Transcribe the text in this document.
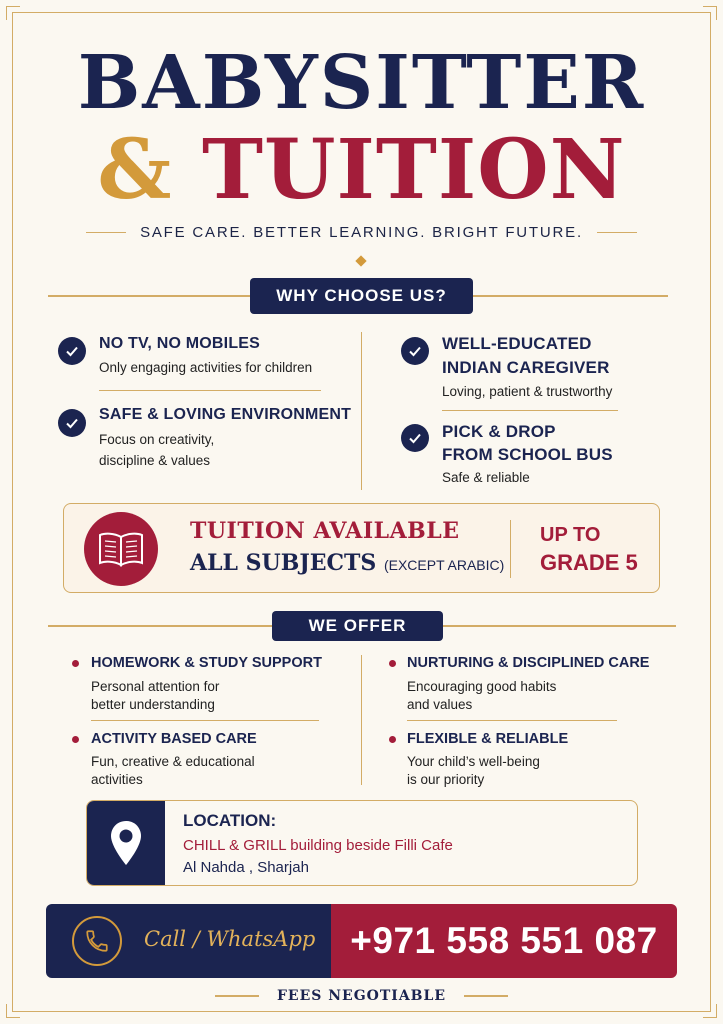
BABYSITTER
& TUITION
SAFE CARE. BETTER LEARNING. BRIGHT FUTURE.
WHY CHOOSE US?
NO TV, NO MOBILES
Only engaging activities for children
SAFE & LOVING ENVIRONMENT
Focus on creativity,
discipline & values
WELL-EDUCATED
INDIAN CAREGIVER
Loving, patient & trustworthy
PICK & DROP
FROM SCHOOL BUS
Safe & reliable
TUITION AVAILABLE
ALL SUBJECTS (EXCEPT ARABIC)
UP TO
GRADE 5
WE OFFER
HOMEWORK & STUDY SUPPORT
Personal attention for
better understanding
NURTURING & DISCIPLINED CARE
Encouraging good habits
and values
ACTIVITY BASED CARE
Fun, creative & educational
activities
FLEXIBLE & RELIABLE
Your child’s well-being
is our priority
LOCATION:
CHILL & GRILL building beside Filli Cafe
Al Nahda , Sharjah
Call / WhatsApp +971 558 551 087
FEES NEGOTIABLE
